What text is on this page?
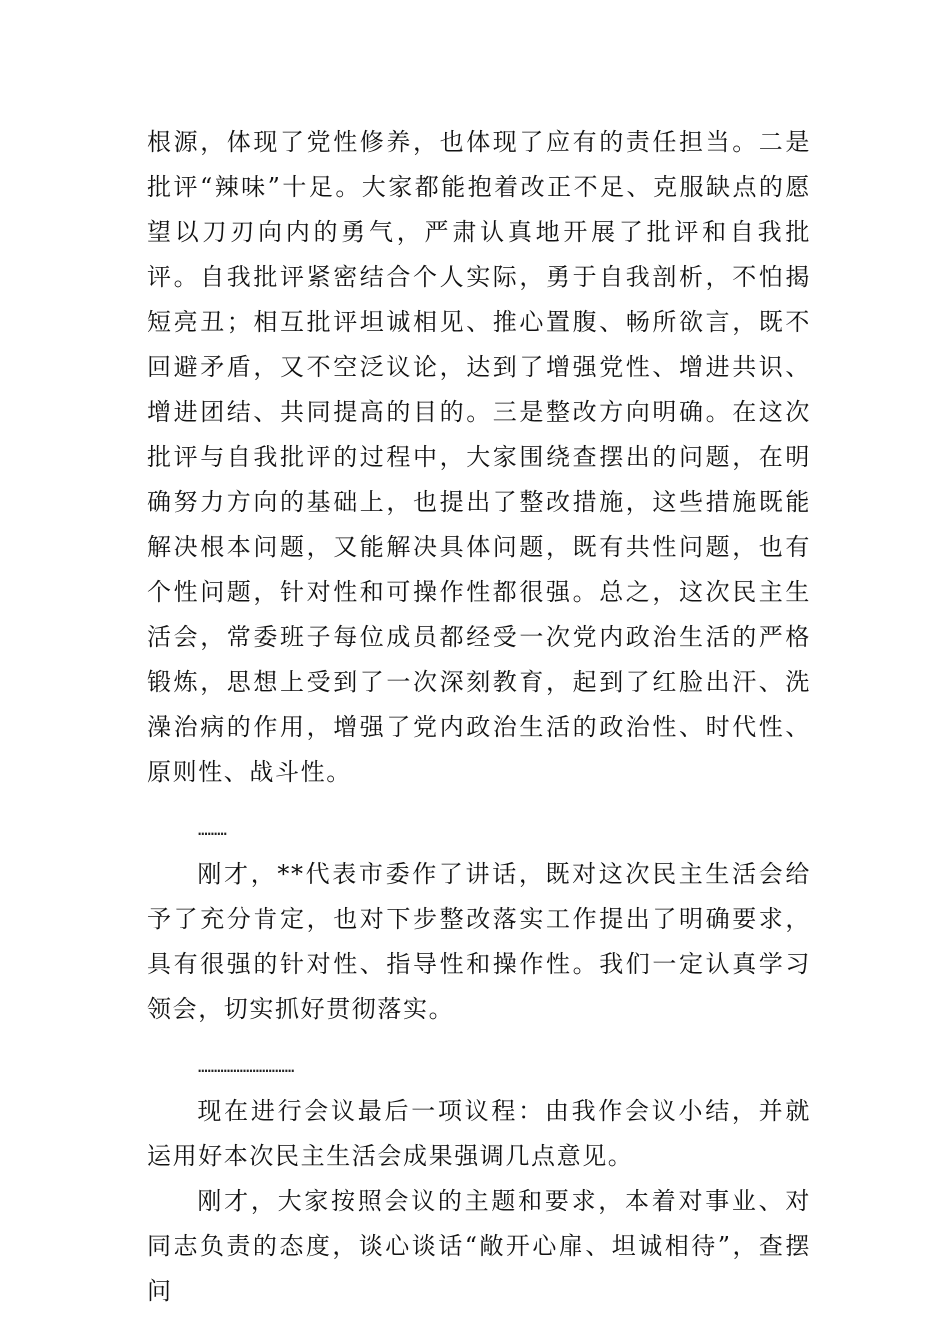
根源，体现了党性修养，也体现了应有的责任担当。二是批评“辣味”十足。大家都能抱着改正不足、克服缺点的愿望以刀刃向内的勇气，严肃认真地开展了批评和自我批评。自我批评紧密结合个人实际，勇于自我剖析，不怕揭短亮丑；相互批评坦诚相见、推心置腹、畅所欲言，既不回避矛盾，又不空泛议论，达到了增强党性、增进共识、增进团结、共同提高的目的。三是整改方向明确。在这次批评与自我批评的过程中，大家围绕查摆出的问题，在明确努力方向的基础上，也提出了整改措施，这些措施既能解决根本问题，又能解决具体问题，既有共性问题，也有个性问题，针对性和可操作性都很强。总之，这次民主生活会，常委班子每位成员都经受一次党内政治生活的严格锻炼，思想上受到了一次深刻教育，起到了红脸出汗、洗澡治病的作用，增强了党内政治生活的政治性、时代性、原则性、战斗性。

………

刚才，**代表市委作了讲话，既对这次民主生活会给予了充分肯定，也对下步整改落实工作提出了明确要求，具有很强的针对性、指导性和操作性。我们一定认真学习领会，切实抓好贯彻落实。

…………………………

现在进行会议最后一项议程：由我作会议小结，并就运用好本次民主生活会成果强调几点意见。

刚才，大家按照会议的主题和要求，本着对事业、对同志负责的态度，谈心谈话“敞开心扉、坦诚相待”，查摆问
